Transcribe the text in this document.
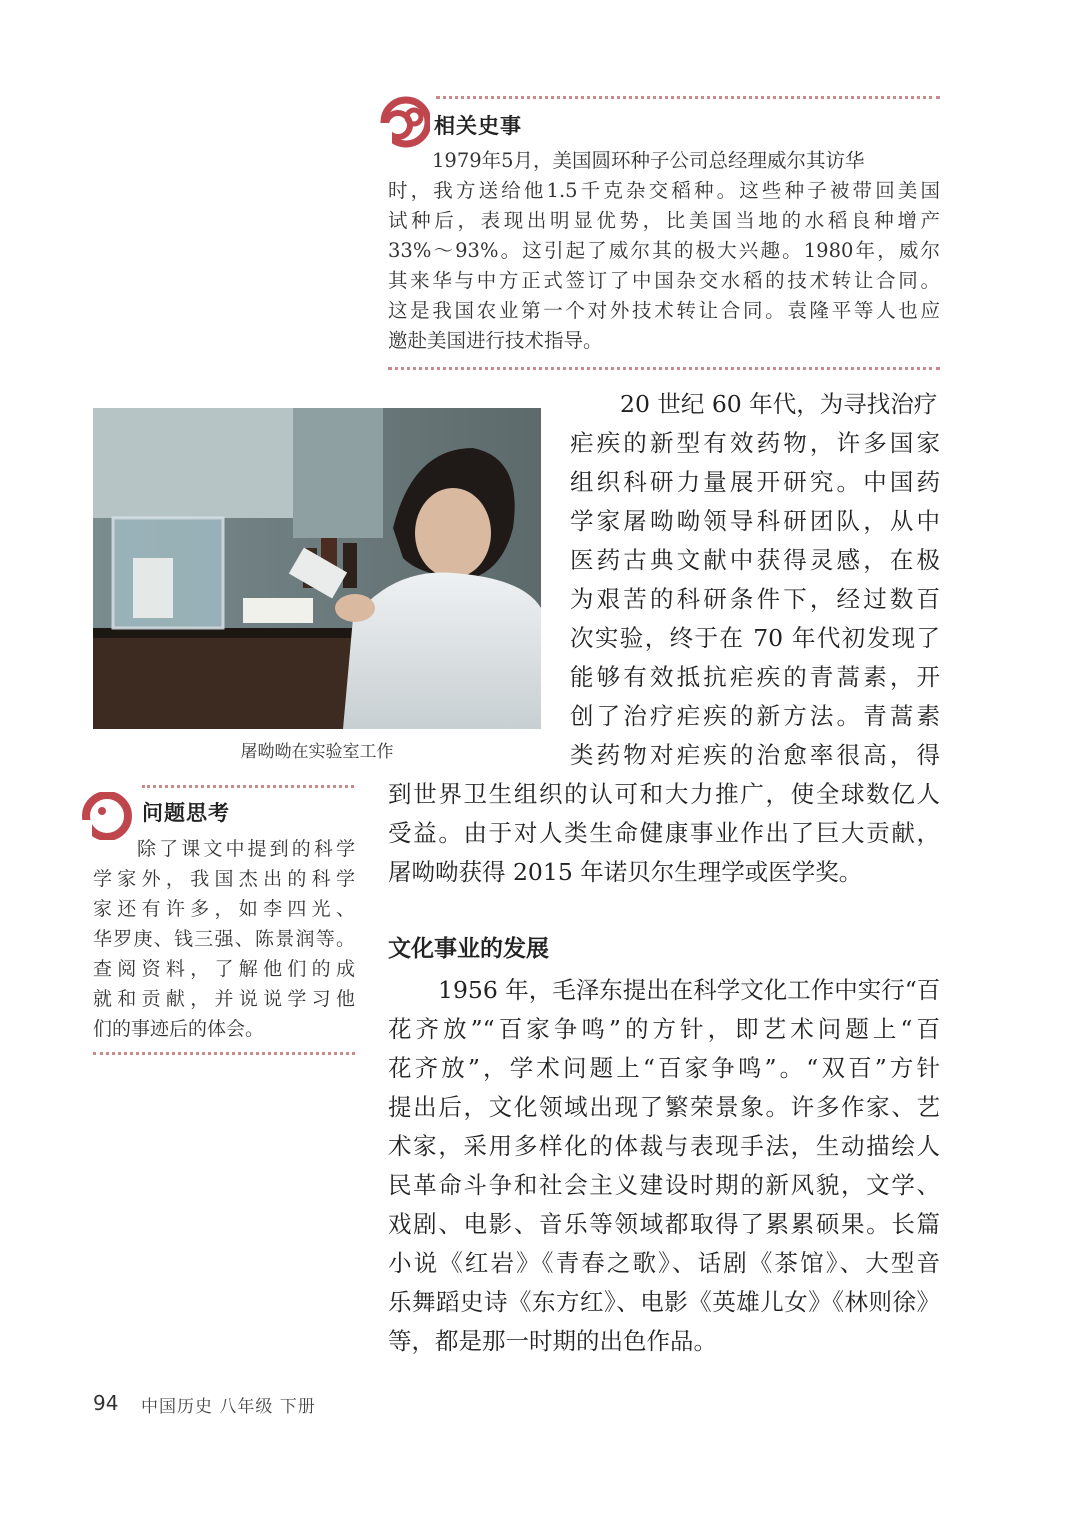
相关史事
1979年5月，美国圆环种子公司总经理威尔其访华
时，我方送给他1.5千克杂交稻种。这些种子被带回美国
试种后，表现出明显优势，比美国当地的水稻良种增产
33%～93%。这引起了威尔其的极大兴趣。1980年，威尔
其来华与中方正式签订了中国杂交水稻的技术转让合同。
这是我国农业第一个对外技术转让合同。袁隆平等人也应
邀赴美国进行技术指导。
屠呦呦在实验室工作
20 世纪 60 年代，为寻找治疗
疟疾的新型有效药物，许多国家
组织科研力量展开研究。中国药
学家屠呦呦领导科研团队，从中
医药古典文献中获得灵感，在极
为艰苦的科研条件下，经过数百
次实验，终于在 70 年代初发现了
能够有效抵抗疟疾的青蒿素，开
创了治疗疟疾的新方法。青蒿素
类药物对疟疾的治愈率很高，得
到世界卫生组织的认可和大力推广，使全球数亿人
受益。由于对人类生命健康事业作出了巨大贡献，
屠呦呦获得 2015 年诺贝尔生理学或医学奖。
问题思考
除了课文中提到的科学
学家外，我国杰出的科学
家还有许多，如李四光、
华罗庚、钱三强、陈景润等。
查阅资料，了解他们的成
就和贡献，并说说学习他
们的事迹后的体会。
文化事业的发展
1956 年，毛泽东提出在科学文化工作中实行“百
花齐放”“百家争鸣”的方针，即艺术问题上“百
花齐放”，学术问题上“百家争鸣”。“双百”方针
提出后，文化领域出现了繁荣景象。许多作家、艺
术家，采用多样化的体裁与表现手法，生动描绘人
民革命斗争和社会主义建设时期的新风貌，文学、
戏剧、电影、音乐等领域都取得了累累硕果。长篇
小说《红岩》《青春之歌》、话剧《茶馆》、大型音
乐舞蹈史诗《东方红》、电影《英雄儿女》《林则徐》
等，都是那一时期的出色作品。
94 中国历史 八年级 下册
